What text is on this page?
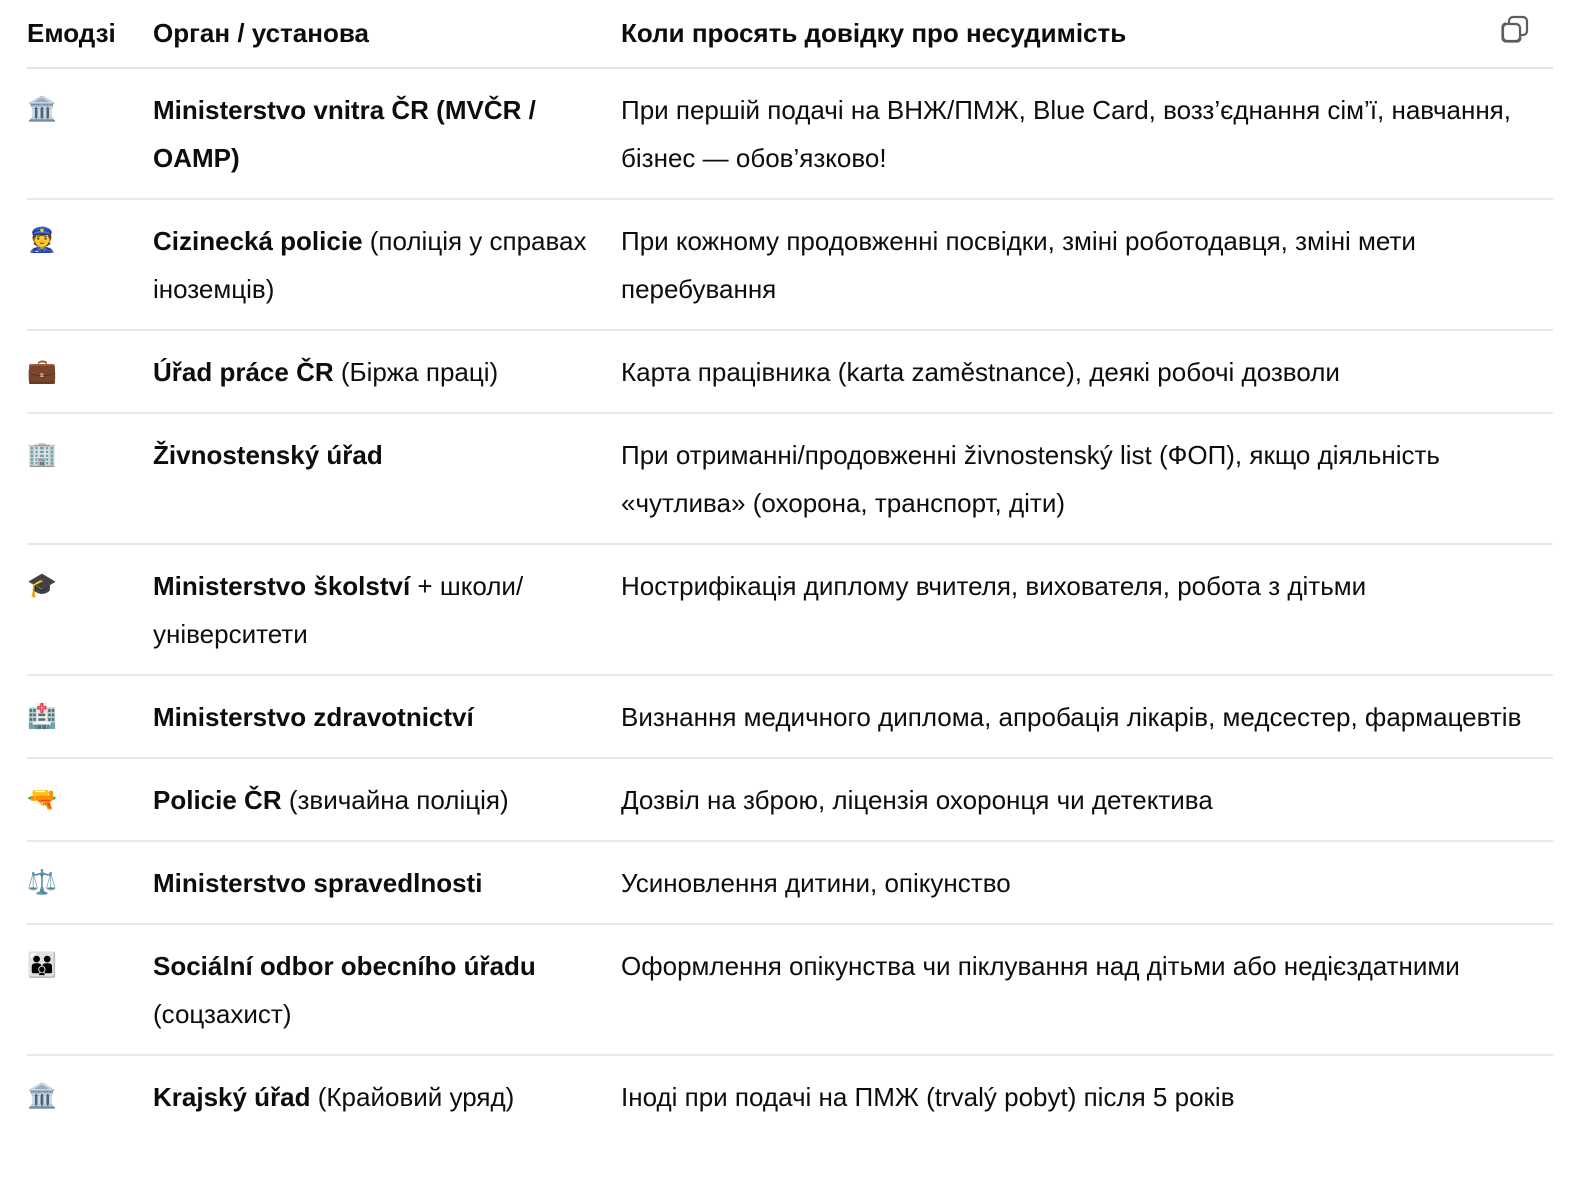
Емодзі	Орган / установа	Коли просять довідку про несудимість
🏛️	Ministerstvo vnitra ČR (MVČR / OAMP)	При першій подачі на ВНЖ/ПМЖ, Blue Card, возз’єднання сім’ї, навчання, бізнес — обов’язково!
👮	Cizinecká policie (поліція у справах іноземців)	При кожному продовженні посвідки, зміні роботодавця, зміні мети перебування
💼	Úřad práce ČR (Біржа праці)	Карта працівника (karta zaměstnance), деякі робочі дозволи
🏢	Živnostenský úřad	При отриманні/продовженні živnostenský list (ФОП), якщо діяльність «чутлива» (охорона, транспорт, діти)
🎓	Ministerstvo školství + школи/університети	Нострифікація диплому вчителя, вихователя, робота з дітьми
🏥	Ministerstvo zdravotnictví	Визнання медичного диплома, апробація лікарів, медсестер, фармацевтів
🔫	Policie ČR (звичайна поліція)	Дозвіл на зброю, ліцензія охоронця чи детектива
⚖️	Ministerstvo spravedlnosti	Усиновлення дитини, опікунство
👪	Sociální odbor obecního úřadu (соцзахист)	Оформлення опікунства чи піклування над дітьми або недієздатними
🏛️	Krajský úřad (Крайовий уряд)	Іноді при подачі на ПМЖ (trvalý pobyt) після 5 років
